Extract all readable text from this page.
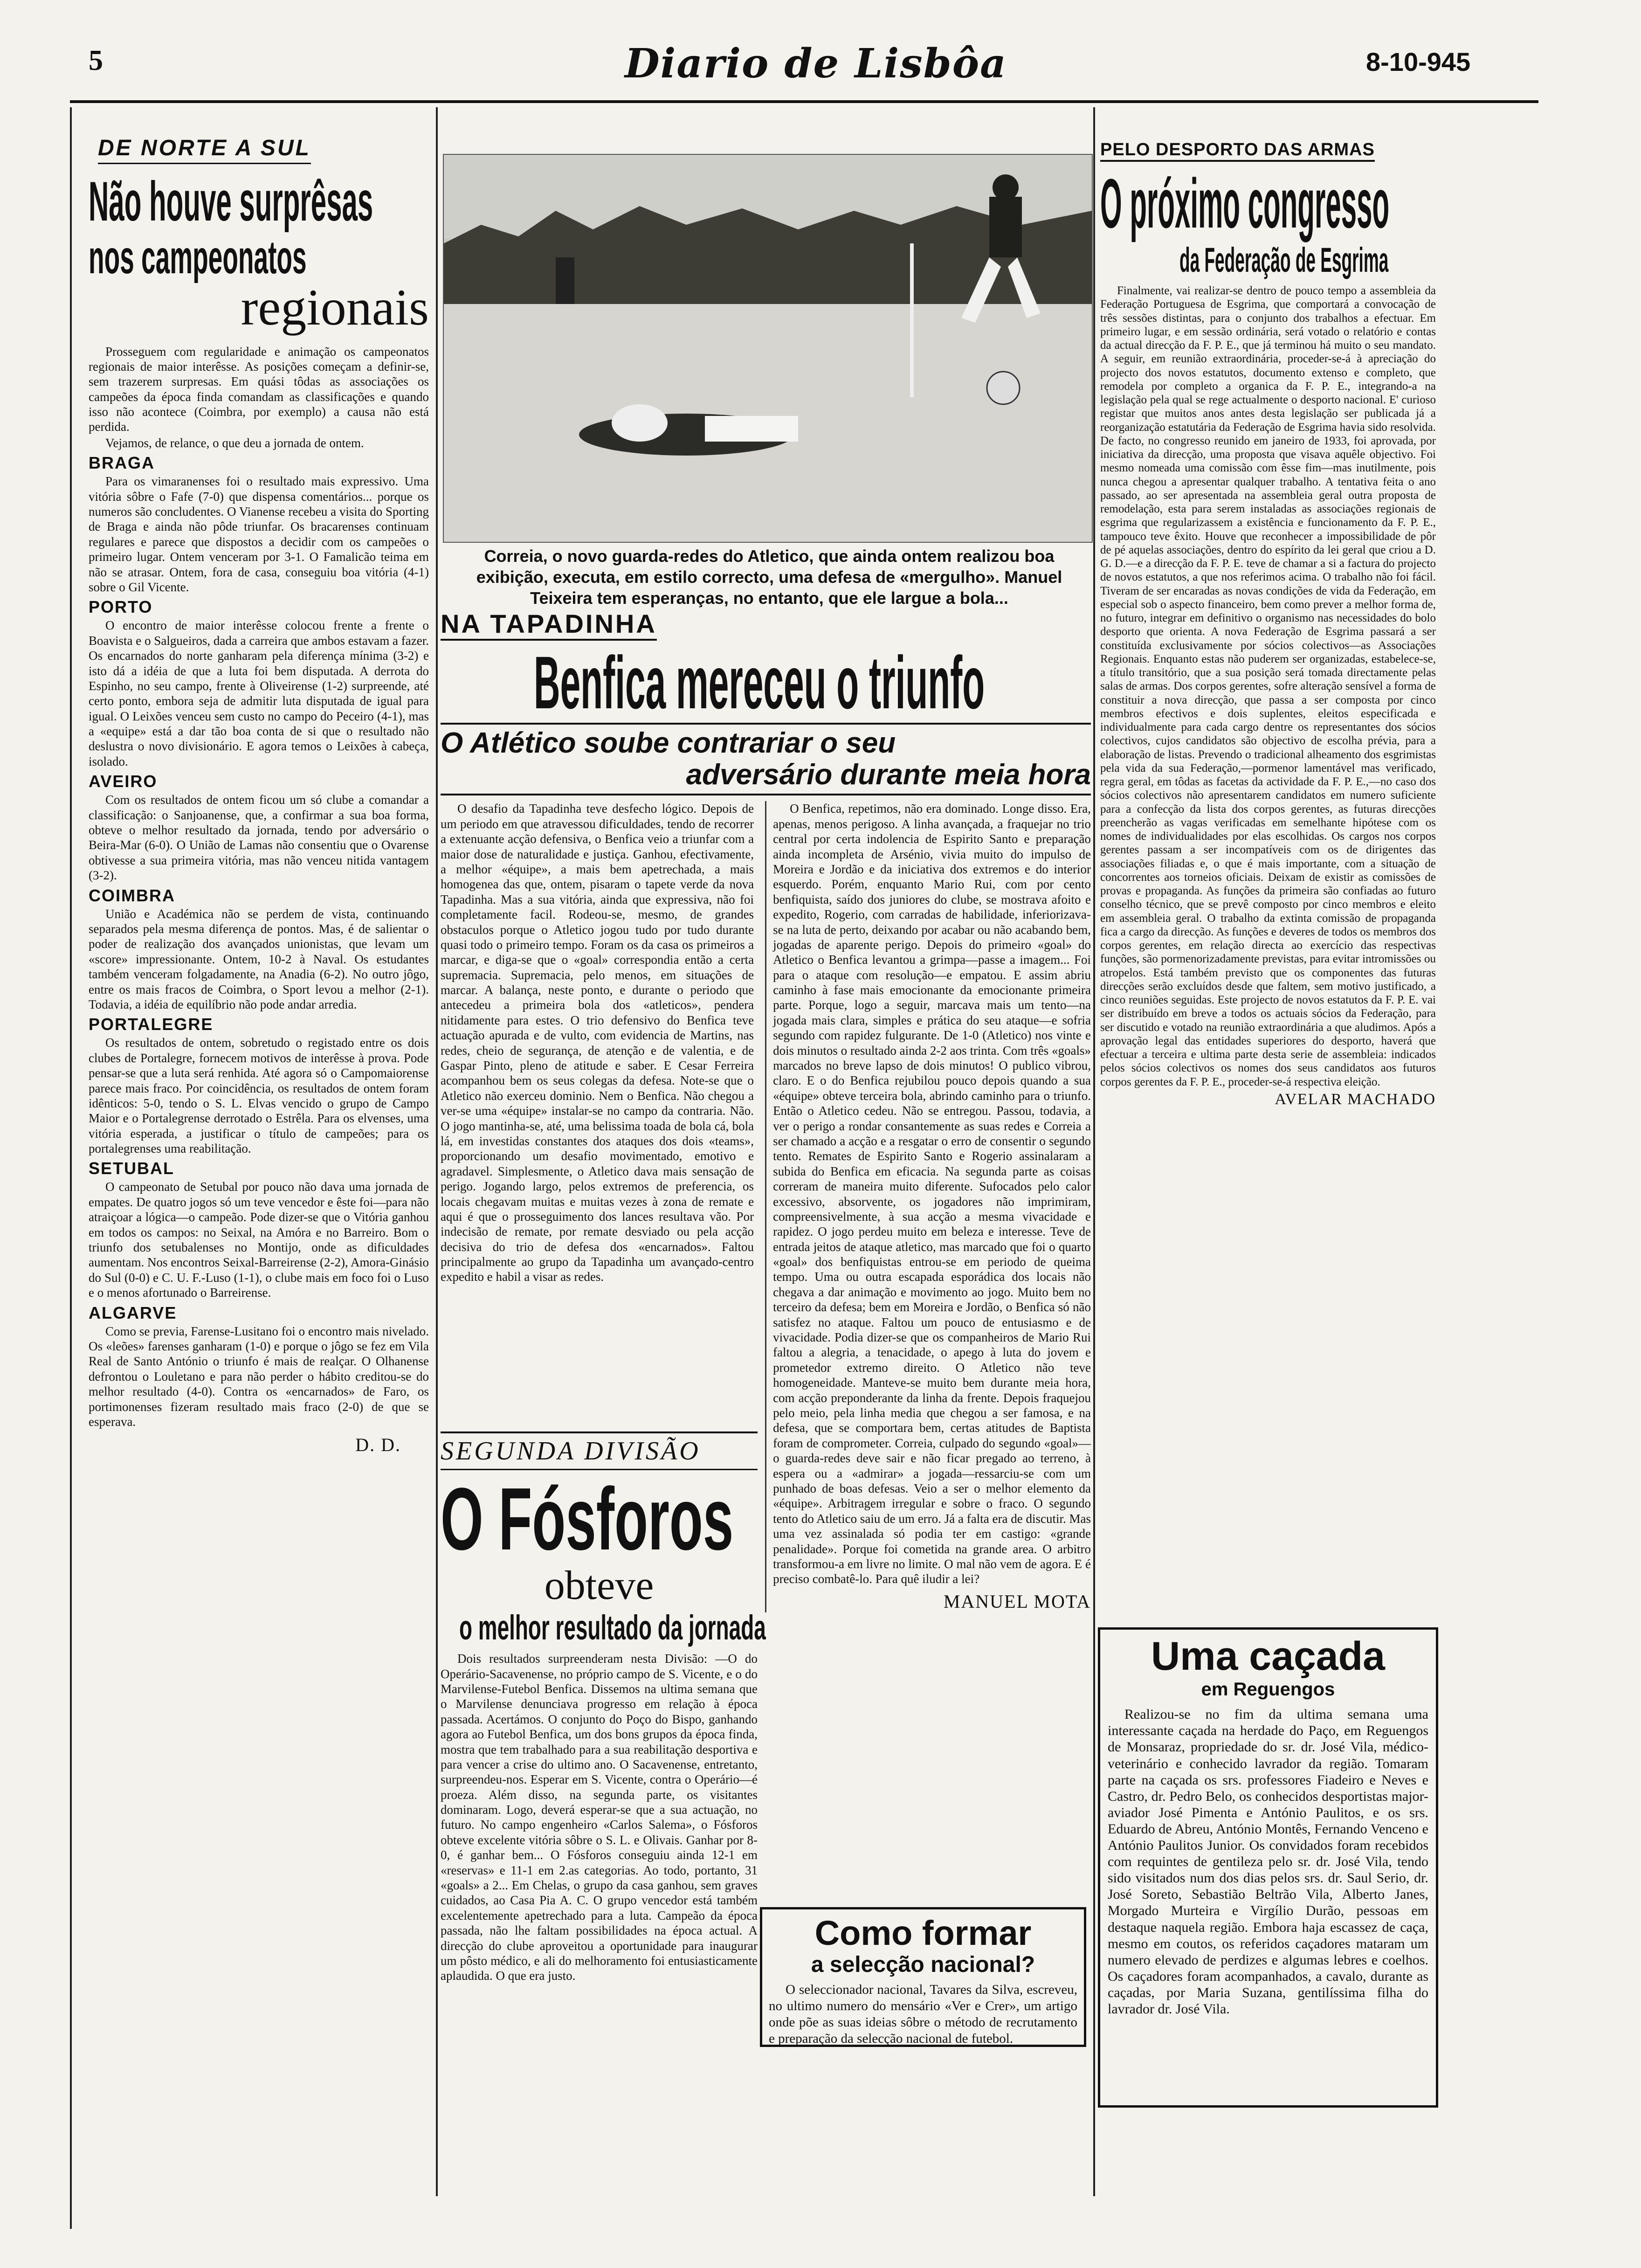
5	Diario de Lisbôa	8-10-945
DE NORTE A SUL
Não houve surprêsas
nos campeonatos
regionais

Prosseguem com regularidade e animação os campeonatos regionais de maior interêsse. As posições começam a definir-se, sem trazerem surpresas. Em quási tôdas as associações os campeões da época finda comandam as classificações e quando isso não acontece (Coimbra, por exemplo) a causa não está perdida.

Vejamos, de relance, o que deu a jornada de ontem.

BRAGA

Para os vimaranenses foi o resultado mais expressivo. Uma vitória sôbre o Fafe (7-0) que dispensa comentários... porque os numeros são concludentes. O Vianense recebeu a visita do Sporting de Braga e ainda não pôde triunfar. Os bracarenses continuam regulares e parece que dispostos a decidir com os campeões o primeiro lugar. Ontem venceram por 3-1. O Famalicão teima em não se atrasar. Ontem, fora de casa, conseguiu boa vitória (4-1) sobre o Gil Vicente.

PORTO

O encontro de maior interêsse colocou frente a frente o Boavista e o Salgueiros, dada a carreira que ambos estavam a fazer. Os encarnados do norte ganharam pela diferença mínima (3-2) e isto dá a idéia de que a luta foi bem disputada. A derrota do Espinho, no seu campo, frente à Oliveirense (1-2) surpreende, até certo ponto, embora seja de admitir luta disputada de igual para igual. O Leixões venceu sem custo no campo do Peceiro (4-1), mas a «equipe» está a dar tão boa conta de si que o resultado não deslustra o novo divisionário. E agora temos o Leixões à cabeça, isolado.

AVEIRO

Com os resultados de ontem ficou um só clube a comandar a classificação: o Sanjoanense, que, a confirmar a sua boa forma, obteve o melhor resultado da jornada, tendo por adversário o Beira-Mar (6-0). O União de Lamas não consentiu que o Ovarense obtivesse a sua primeira vitória, mas não venceu nitida vantagem (3-2).

COIMBRA

União e Académica não se perdem de vista, continuando separados pela mesma diferença de pontos. Mas, é de salientar o poder de realização dos avançados unionistas, que levam um «score» impressionante. Ontem, 10-2 à Naval. Os estudantes também venceram folgadamente, na Anadia (6-2). No outro jôgo, entre os mais fracos de Coimbra, o Sport levou a melhor (2-1). Todavia, a idéia de equilíbrio não pode andar arredia.

PORTALEGRE

Os resultados de ontem, sobretudo o registado entre os dois clubes de Portalegre, fornecem motivos de interêsse à prova. Pode pensar-se que a luta será renhida. Até agora só o Campomaiorense parece mais fraco. Por coincidência, os resultados de ontem foram idênticos: 5-0, tendo o S. L. Elvas vencido o grupo de Campo Maior e o Portalegrense derrotado o Estrêla. Para os elvenses, uma vitória esperada, a justificar o título de campeões; para os portalegrenses uma reabilitação.

SETUBAL

O campeonato de Setubal por pouco não dava uma jornada de empates. De quatro jogos só um teve vencedor e êste foi—para não atraiçoar a lógica—o campeão. Pode dizer-se que o Vitória ganhou em todos os campos: no Seixal, na Amóra e no Barreiro. Bom o triunfo dos setubalenses no Montijo, onde as dificuldades aumentam. Nos encontros Seixal-Barreirense (2-2), Amora-Ginásio do Sul (0-0) e C. U. F.-Luso (1-1), o clube mais em foco foi o Luso e o menos afortunado o Barreirense.

ALGARVE

Como se previa, Farense-Lusitano foi o encontro mais nivelado. Os «leões» farenses ganharam (1-0) e porque o jôgo se fez em Vila Real de Santo António o triunfo é mais de realçar. O Olhanense defrontou o Louletano e para não perder o hábito creditou-se do melhor resultado (4-0). Contra os «encarnados» de Faro, os portimonenses fizeram resultado mais fraco (2-0) de que se esperava.

D. D.
Correia, o novo guarda-redes do Atletico, que ainda ontem realizou boa exibição, executa, em estilo correcto, uma defesa de «mergulho». Manuel Teixeira tem esperanças, no entanto, que ele largue a bola...
NA TAPADINHA
Benfica mereceu o triunfo
O Atlético soube contrariar o seu
adversário durante meia hora

O desafio da Tapadinha teve desfecho lógico. Depois de um periodo em que atravessou dificuldades, tendo de recorrer a extenuante acção defensiva, o Benfica veio a triunfar com a maior dose de naturalidade e justiça. Ganhou, efectivamente, a melhor «équipe», a mais bem apetrechada, a mais homogenea das que, ontem, pisaram o tapete verde da nova Tapadinha. Mas a sua vitória, ainda que expressiva, não foi completamente facil. Rodeou-se, mesmo, de grandes obstaculos porque o Atletico jogou tudo por tudo durante quasi todo o primeiro tempo. Foram os da casa os primeiros a marcar, e diga-se que o «goal» correspondia então a certa supremacia. Supremacia, pelo menos, em situações de marcar. A balança, neste ponto, e durante o periodo que antecedeu a primeira bola dos «atleticos», pendera nitidamente para estes. O trio defensivo do Benfica teve actuação apurada e de vulto, com evidencia de Martins, nas redes, cheio de segurança, de atenção e de valentia, e de Gaspar Pinto, pleno de atitude e saber. E Cesar Ferreira acompanhou bem os seus colegas da defesa. Note-se que o Atletico não exerceu dominio. Nem o Benfica. Não chegou a ver-se uma «équipe» instalar-se no campo da contraria. Não. O jogo mantinha-se, até, uma belissima toada de bola cá, bola lá, em investidas constantes dos ataques dos dois «teams», proporcionando um desafio movimentado, emotivo e agradavel. Simplesmente, o Atletico dava mais sensação de perigo. Jogando largo, pelos extremos de preferencia, os locais chegavam muitas e muitas vezes à zona de remate e aqui é que o prosseguimento dos lances resultava vão. Por indecisão de remate, por remate desviado ou pela acção decisiva do trio de defesa dos «encarnados». Faltou principalmente ao grupo da Tapadinha um avançado-centro expedito e habil a visar as redes.

O Benfica, repetimos, não era dominado. Longe disso. Era, apenas, menos perigoso. A linha avançada, a fraquejar no trio central por certa indolencia de Espirito Santo e preparação ainda incompleta de Arsénio, vivia muito do impulso de Moreira e Jordão e da iniciativa dos extremos e do interior esquerdo. Porém, enquanto Mario Rui, com por cento benfiquista, saído dos juniores do clube, se mostrava afoito e expedito, Rogerio, com carradas de habilidade, inferiorizava-se na luta de perto, deixando por acabar ou não acabando bem, jogadas de aparente perigo. Depois do primeiro «goal» do Atletico o Benfica levantou a grimpa—passe a imagem... Foi para o ataque com resolução—e empatou. E assim abriu caminho à fase mais emocionante da emocionante primeira parte. Porque, logo a seguir, marcava mais um tento—na jogada mais clara, simples e prática do seu ataque—e sofria segundo com rapidez fulgurante. De 1-0 (Atletico) nos vinte e dois minutos o resultado ainda 2-2 aos trinta. Com três «goals» marcados no breve lapso de dois minutos! O publico vibrou, claro. E o do Benfica rejubilou pouco depois quando a sua «équipe» obteve terceira bola, abrindo caminho para o triunfo. Então o Atletico cedeu. Não se entregou. Passou, todavia, a ver o perigo a rondar consantemente as suas redes e Correia a ser chamado a acção e a resgatar o erro de consentir o segundo tento. Remates de Espirito Santo e Rogerio assinalaram a subida do Benfica em eficacia. Na segunda parte as coisas correram de maneira muito diferente. Sufocados pelo calor excessivo, absorvente, os jogadores não imprimiram, compreensivelmente, à sua acção a mesma vivacidade e rapidez. O jogo perdeu muito em beleza e interesse. Teve de entrada jeitos de ataque atletico, mas marcado que foi o quarto «goal» dos benfiquistas entrou-se em periodo de queima tempo. Uma ou outra escapada esporádica dos locais não chegava a dar animação e movimento ao jogo. Muito bem no terceiro da defesa; bem em Moreira e Jordão, o Benfica só não satisfez no ataque. Faltou um pouco de entusiasmo e de vivacidade. Podia dizer-se que os companheiros de Mario Rui faltou a alegria, a tenacidade, o apego à luta do jovem e prometedor extremo direito. O Atletico não teve homogeneidade. Manteve-se muito bem durante meia hora, com acção preponderante da linha da frente. Depois fraquejou pelo meio, pela linha media que chegou a ser famosa, e na defesa, que se comportara bem, certas atitudes de Baptista foram de comprometer. Correia, culpado do segundo «goal»—o guarda-redes deve sair e não ficar pregado ao terreno, à espera ou a «admirar» a jogada—ressarciu-se com um punhado de boas defesas. Veio a ser o melhor elemento da «équipe». Arbitragem irregular e sobre o fraco. O segundo tento do Atletico saiu de um erro. Já a falta era de discutir. Mas uma vez assinalada só podia ter em castigo: «grande penalidade». Porque foi cometida na grande area. O arbitro transformou-a em livre no limite. O mal não vem de agora. E é preciso combatê-lo. Para quê iludir a lei?

MANUEL MOTA
SEGUNDA DIVISÃO
O Fósforos
obteve
o melhor resultado da jornada

Dois resultados surpreenderam nesta Divisão: —O do Operário-Sacavenense, no próprio campo de S. Vicente, e o do Marvilense-Futebol Benfica. Dissemos na ultima semana que o Marvilense denunciava progresso em relação à época passada. Acertámos. O conjunto do Poço do Bispo, ganhando agora ao Futebol Benfica, um dos bons grupos da época finda, mostra que tem trabalhado para a sua reabilitação desportiva e para vencer a crise do ultimo ano. O Sacavenense, entretanto, surpreendeu-nos. Esperar em S. Vicente, contra o Operário—é proeza. Além disso, na segunda parte, os visitantes dominaram. Logo, deverá esperar-se que a sua actuação, no futuro. No campo engenheiro «Carlos Salema», o Fósforos obteve excelente vitória sôbre o S. L. e Olivais. Ganhar por 8-0, é ganhar bem... O Fósforos conseguiu ainda 12-1 em «reservas» e 11-1 em 2.as categorias. Ao todo, portanto, 31 «goals» a 2... Em Chelas, o grupo da casa ganhou, sem graves cuidados, ao Casa Pia A. C. O grupo vencedor está também excelentemente apetrechado para a luta. Campeão da época passada, não lhe faltam possibilidades na época actual. A direcção do clube aproveitou a oportunidade para inaugurar um pôsto médico, e ali do melhoramento foi entusiasticamente aplaudida. O que era justo.

Como formar
a selecção nacional?

O seleccionador nacional, Tavares da Silva, escreveu, no ultimo numero do mensário «Ver e Crer», um artigo onde põe as suas ideias sôbre o método de recrutamento e preparação da selecção nacional de futebol.

PELO DESPORTO DAS ARMAS
O próximo congresso
da Federação de Esgrima

Finalmente, vai realizar-se dentro de pouco tempo a assembleia da Federação Portuguesa de Esgrima, que comportará a convocação de três sessões distintas, para o conjunto dos trabalhos a efectuar. Em primeiro lugar, e em sessão ordinária, será votado o relatório e contas da actual direcção da F. P. E., que já terminou há muito o seu mandato. A seguir, em reunião extraordinária, proceder-se-á à apreciação do projecto dos novos estatutos, documento extenso e completo, que remodela por completo a organica da F. P. E., integrando-a na legislação pela qual se rege actualmente o desporto nacional. E' curioso registar que muitos anos antes desta legislação ser publicada já a reorganização estatutária da Federação de Esgrima havia sido resolvida. De facto, no congresso reunido em janeiro de 1933, foi aprovada, por iniciativa da direcção, uma proposta que visava aquêle objectivo. Foi mesmo nomeada uma comissão com êsse fim—mas inutilmente, pois nunca chegou a apresentar qualquer trabalho. A tentativa feita o ano passado, ao ser apresentada na assembleia geral outra proposta de remodelação, esta para serem instaladas as associações regionais de esgrima que regularizassem a existência e funcionamento da F. P. E., tampouco teve êxito. Houve que reconhecer a impossibilidade de pôr de pé aquelas associações, dentro do espírito da lei geral que criou a D. G. D.—e a direcção da F. P. E. teve de chamar a si a factura do projecto de novos estatutos, a que nos referimos acima. O trabalho não foi fácil. Tiveram de ser encaradas as novas condições de vida da Federação, em especial sob o aspecto financeiro, bem como prever a melhor forma de, no futuro, integrar em definitivo o organismo nas necessidades do bolo desporto que orienta. A nova Federação de Esgrima passará a ser constituída exclusivamente por sócios colectivos—as Associações Regionais. Enquanto estas não puderem ser organizadas, estabelece-se, a título transitório, que a sua posição será tomada directamente pelas salas de armas. Dos corpos gerentes, sofre alteração sensível a forma de constituir a nova direcção, que passa a ser composta por cinco membros efectivos e dois suplentes, eleitos especificada e individualmente para cada cargo dentre os representantes dos sócios colectivos, cujos candidatos são objectivo de escolha prévia, para a elaboração de listas. Prevendo o tradicional alheamento dos esgrimistas pela vida da sua Federação,—pormenor lamentável mas verificado, regra geral, em tôdas as facetas da actividade da F. P. E.,—no caso dos sócios colectivos não apresentarem candidatos em numero suficiente para a confecção da lista dos corpos gerentes, as futuras direcções preencherão as vagas verificadas em semelhante hipótese com os nomes de individualidades por elas escolhidas. Os cargos nos corpos gerentes passam a ser incompatíveis com os de dirigentes das associações filiadas e, o que é mais importante, com a situação de concorrentes aos torneios oficiais. Deixam de existir as comissões de provas e propaganda. As funções da primeira são confiadas ao futuro conselho técnico, que se prevê composto por cinco membros e eleito em assembleia geral. O trabalho da extinta comissão de propaganda fica a cargo da direcção. As funções e deveres de todos os membros dos corpos gerentes, em relação directa ao exercício das respectivas funções, são pormenorizadamente previstas, para evitar intromissões ou atropelos. Está também previsto que os componentes das futuras direcções serão excluídos desde que faltem, sem motivo justificado, a cinco reuniões seguidas. Este projecto de novos estatutos da F. P. E. vai ser distribuído em breve a todos os actuais sócios da Federação, para ser discutido e votado na reunião extraordinária a que aludimos. Após a aprovação legal das entidades superiores do desporto, haverá que efectuar a terceira e ultima parte desta serie de assembleia: indicados pelos sócios colectivos os nomes dos seus candidatos aos futuros corpos gerentes da F. P. E., proceder-se-á respectiva eleição.

AVELAR MACHADO
Uma caçada
em Reguengos

Realizou-se no fim da ultima semana uma interessante caçada na herdade do Paço, em Reguengos de Monsaraz, propriedade do sr. dr. José Vila, médico-veterinário e conhecido lavrador da região. Tomaram parte na caçada os srs. professores Fiadeiro e Neves e Castro, dr. Pedro Belo, os conhecidos desportistas major-aviador José Pimenta e António Paulitos, e os srs. Eduardo de Abreu, António Montês, Fernando Venceno e António Paulitos Junior. Os convidados foram recebidos com requintes de gentileza pelo sr. dr. José Vila, tendo sido visitados num dos dias pelos srs. dr. Saul Serio, dr. José Soreto, Sebastião Beltrão Vila, Alberto Janes, Morgado Murteira e Virgílio Durão, pessoas em destaque naquela região. Embora haja escassez de caça, mesmo em coutos, os referidos caçadores mataram um numero elevado de perdizes e algumas lebres e coelhos. Os caçadores foram acompanhados, a cavalo, durante as caçadas, por Maria Suzana, gentilíssima filha do lavrador dr. José Vila.
